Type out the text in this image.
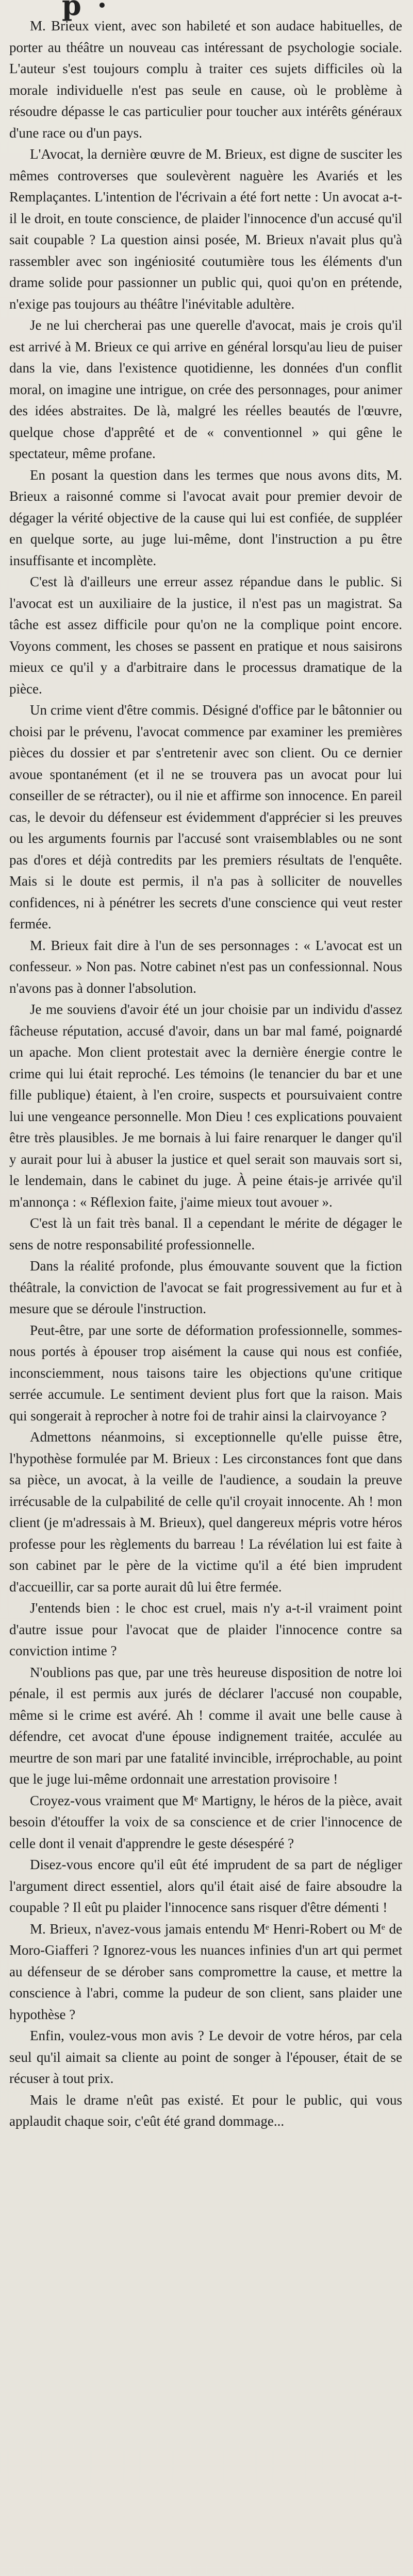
p ·

M. Brieux vient, avec son habileté et son audace habituelles, de porter au théâtre un nouveau cas intéressant de psychologie sociale. L'auteur s'est toujours complu à traiter ces sujets difficiles où la morale individuelle n'est pas seule en cause, où le problème à résoudre dépasse le cas particulier pour toucher aux intérêts généraux d'une race ou d'un pays.

L'Avocat, la dernière œuvre de M. Brieux, est digne de susciter les mêmes controverses que soulevèrent naguère les Avariés et les Remplaçantes. L'intention de l'écrivain a été fort nette : Un avocat a-t-il le droit, en toute conscience, de plaider l'innocence d'un accusé qu'il sait coupable ? La question ainsi posée, M. Brieux n'avait plus qu'à rassembler avec son ingéniosité coutumière tous les éléments d'un drame solide pour passionner un public qui, quoi qu'on en prétende, n'exige pas toujours au théâtre l'inévitable adultère.

Je ne lui chercherai pas une querelle d'avocat, mais je crois qu'il est arrivé à M. Brieux ce qui arrive en général lorsqu'au lieu de puiser dans la vie, dans l'existence quotidienne, les données d'un conflit moral, on imagine une intrigue, on crée des personnages, pour animer des idées abstraites. De là, malgré les réelles beautés de l'œuvre, quelque chose d'apprêté et de « conventionnel » qui gêne le spectateur, même profane.

En posant la question dans les termes que nous avons dits, M. Brieux a raisonné comme si l'avocat avait pour premier devoir de dégager la vérité objective de la cause qui lui est confiée, de suppléer en quelque sorte, au juge lui-même, dont l'instruction a pu être insuffisante et incomplète.

C'est là d'ailleurs une erreur assez répandue dans le public. Si l'avocat est un auxiliaire de la justice, il n'est pas un magistrat. Sa tâche est assez difficile pour qu'on ne la complique point encore. Voyons comment, les choses se passent en pratique et nous saisirons mieux ce qu'il y a d'arbitraire dans le processus dramatique de la pièce.

Un crime vient d'être commis. Désigné d'office par le bâtonnier ou choisi par le prévenu, l'avocat commence par examiner les premières pièces du dossier et par s'entretenir avec son client. Ou ce dernier avoue spontanément (et il ne se trouvera pas un avocat pour lui conseiller de se rétracter), ou il nie et affirme son innocence. En pareil cas, le devoir du défenseur est évidemment d'apprécier si les preuves ou les arguments fournis par l'accusé sont vraisemblables ou ne sont pas d'ores et déjà contredits par les premiers résultats de l'enquête. Mais si le doute est permis, il n'a pas à solliciter de nouvelles confidences, ni à pénétrer les secrets d'une conscience qui veut rester fermée.

M. Brieux fait dire à l'un de ses personnages : « L'avocat est un confesseur. » Non pas. Notre cabinet n'est pas un confessionnal. Nous n'avons pas à donner l'absolution.

Je me souviens d'avoir été un jour choisie par un individu d'assez fâcheuse réputation, accusé d'avoir, dans un bar mal famé, poignardé un apache. Mon client protestait avec la dernière énergie contre le crime qui lui était reproché. Les témoins (le tenancier du bar et une fille publique) étaient, à l'en croire, suspects et poursuivaient contre lui une vengeance personnelle. Mon Dieu ! ces explications pouvaient être très plausibles. Je me bornais à lui faire renarquer le danger qu'il y aurait pour lui à abuser la justice et quel serait son mauvais sort si, le lendemain, dans le cabinet du juge. À peine étais-je arrivée qu'il m'annonça : « Réflexion faite, j'aime mieux tout avouer ».

C'est là un fait très banal. Il a cependant le mérite de dégager le sens de notre responsabilité professionnelle.

Dans la réalité profonde, plus émouvante souvent que la fiction théâtrale, la conviction de l'avocat se fait progressivement au fur et à mesure que se déroule l'instruction.

Peut-être, par une sorte de déformation professionnelle, sommes-nous portés à épouser trop aisément la cause qui nous est confiée, inconsciemment, nous taisons taire les objections qu'une critique serrée accumule. Le sentiment devient plus fort que la raison. Mais qui songerait à reprocher à notre foi de trahir ainsi la clairvoyance ?

Admettons néanmoins, si exceptionnelle qu'elle puisse être, l'hypothèse formulée par M. Brieux : Les circonstances font que dans sa pièce, un avocat, à la veille de l'audience, a soudain la preuve irrécusable de la culpabilité de celle qu'il croyait innocente. Ah ! mon client (je m'adressais à M. Brieux), quel dangereux mépris votre héros professe pour les règlements du barreau ! La révélation lui est faite à son cabinet par le père de la victime qu'il a été bien imprudent d'accueillir, car sa porte aurait dû lui être fermée.

J'entends bien : le choc est cruel, mais n'y a-t-il vraiment point d'autre issue pour l'avocat que de plaider l'innocence contre sa conviction intime ?

N'oublions pas que, par une très heureuse disposition de notre loi pénale, il est permis aux jurés de déclarer l'accusé non coupable, même si le crime est avéré. Ah ! comme il avait une belle cause à défendre, cet avocat d'une épouse indignement traitée, acculée au meurtre de son mari par une fatalité invincible, irréprochable, au point que le juge lui-même ordonnait une arrestation provisoire !

Croyez-vous vraiment que Mᵉ Martigny, le héros de la pièce, avait besoin d'étouffer la voix de sa conscience et de crier l'innocence de celle dont il venait d'apprendre le geste désespéré ?

Disez-vous encore qu'il eût été imprudent de sa part de négliger l'argument direct essentiel, alors qu'il était aisé de faire absoudre la coupable ? Il eût pu plaider l'innocence sans risquer d'être démenti !

M. Brieux, n'avez-vous jamais entendu Mᵉ Henri-Robert ou Mᵉ de Moro-Giafferi ? Ignorez-vous les nuances infinies d'un art qui permet au défenseur de se dérober sans compromettre la cause, et mettre la conscience à l'abri, comme la pudeur de son client, sans plaider une hypothèse ?

Enfin, voulez-vous mon avis ? Le devoir de votre héros, par cela seul qu'il aimait sa cliente au point de songer à l'épouser, était de se récuser à tout prix.

Mais le drame n'eût pas existé. Et pour le public, qui vous applaudit chaque soir, c'eût été grand dommage...
